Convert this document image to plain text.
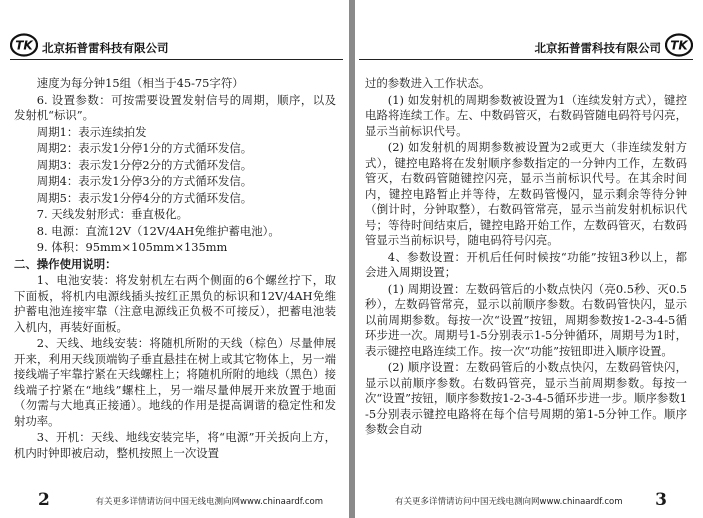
TK 北京拓普雷科技有限公司

速度为每分钟15组（相当于45-75字符）

6. 设置参数：可按需要设置发射信号的周期，顺序，以及发射机“标识”。

周期1：表示连续拍发

周期2：表示发1分停1分的方式循环发信。

周期3：表示发1分停2分的方式循环发信。

周期4：表示发1分停3分的方式循环发信。

周期5：表示发1分停4分的方式循环发信。

7. 天线发射形式：垂直极化。

8. 电源：直流12V（12V/4AH免维护蓄电池）。

9. 体积：95mm×105mm×135mm

二、操作使用说明：

1、电池安装：将发射机左右两个侧面的6个螺丝拧下，取下面板，将机内电源线插头按红正黑负的标识和12V/4AH免维护蓄电池连接牢靠（注意电源线正负极不可接反），把蓄电池装入机内，再装好面板。

2、天线、地线安装：将随机所附的天线（棕色）尽量伸展开来，利用天线顶端钩子垂直悬挂在树上或其它物体上，另一端接线端子牢靠拧紧在天线螺柱上；将随机所附的地线（黑色）接线端子拧紧在“地线”螺柱上，另一端尽量伸展开来放置于地面（勿需与大地真正接通）。地线的作用是提高调谐的稳定性和发射功率。

3、开机：天线、地线安装完毕，将“电源”开关扳向上方，机内时钟即被启动，整机按照上一次设置

2	有关更多详情请访问中国无线电测向网www.chinaardf.com
北京拓普雷科技有限公司 TK

过的参数进入工作状态。

(1) 如发射机的周期参数被设置为1（连续发射方式），键控电路将连续工作。左、中数码管灭，右数码管随电码符号闪亮，显示当前标识代号。

(2) 如发射机的周期参数被设置为2或更大（非连续发射方式），键控电路将在发射顺序参数指定的一分钟内工作，左数码管灭，右数码管随键控闪亮，显示当前标识代号。在其余时间内，键控电路暂止并等待，左数码管慢闪，显示剩余等待分钟（倒计时，分钟取整），右数码管常亮，显示当前发射机标识代号；等待时间结束后，键控电路开始工作，左数码管灭，右数码管显示当前标识号，随电码符号闪亮。

4、参数设置：开机后任何时候按“功能”按钮3秒以上，都会进入周期设置；

(1) 周期设置：左数码管后的小数点快闪（亮0.5秒、灭0.5秒），左数码管常亮，显示以前顺序参数。右数码管快闪，显示以前周期参数。每按一次“设置”按钮，周期参数按1-2-3-4-5循环步进一次。周期号1-5分别表示1-5分钟循环，周期号为1时，表示键控电路连续工作。按一次“功能”按钮即进入顺序设置。

(2) 顺序设置：左数码管后的小数点快闪，左数码管快闪，显示以前顺序参数。右数码管亮，显示当前周期参数。每按一次“设置”按钮，顺序参数按1-2-3-4-5循环步进一步。顺序参数1-5分别表示键控电路将在每个信号周期的第1-5分钟工作。顺序参数会自动

有关更多详情请访问中国无线电测向网www.chinaardf.com 3
